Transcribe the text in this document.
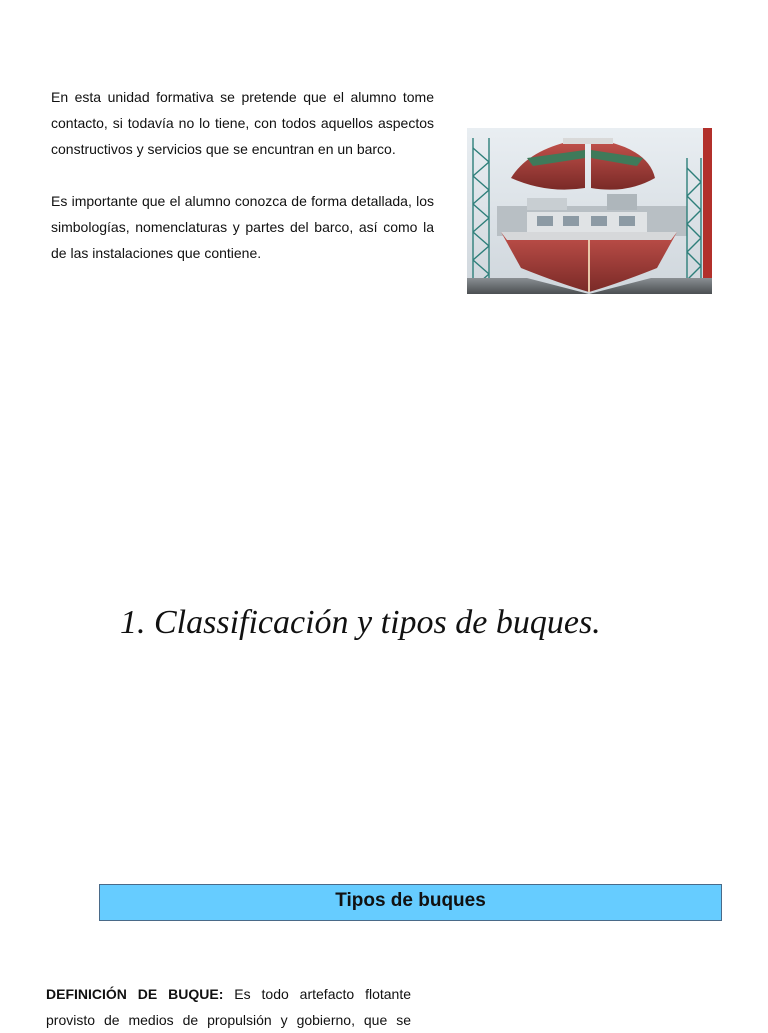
En esta unidad formativa se pretende que el alumno tome contacto, si todavía no lo tiene, con todos aquellos aspectos constructivos y servicios que se encuntran en un barco.

Es importante que el alumno conozca de forma detallada, los simbologías, nomenclaturas y partes del barco, así como la de las instalaciones que contiene.

1. Classificación y tipos de buques.
Tipos de buques
DEFINICIÓN DE BUQUE: Es todo artefacto flotante provisto de medios de propulsión y gobierno, que se
